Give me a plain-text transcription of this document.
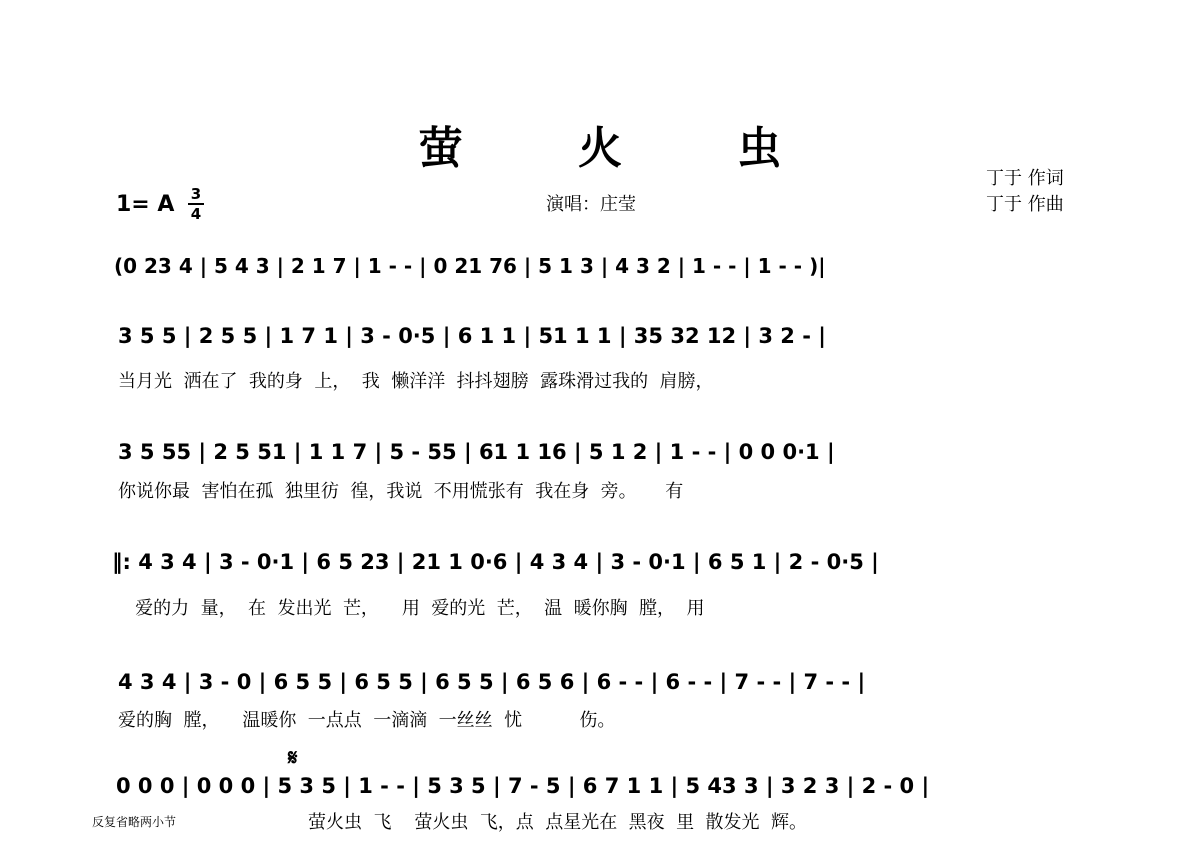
萤 火 虫
1= A 3
4	演唱：庄莹
丁于 作词
丁于 作曲
𝄋
(0 23 4 | 5 4 3 | 2 1 7 | 1 - - | 0 21 76 | 5 1 3 | 4 3 2 | 1 - - | 1 - - )|
3 5 5 | 2 5 5 | 1 7 1 | 3 - 0·5 | 6 1 1 | 51 1 1 | 35 32 12 | 3 2 - |
当月光  洒在了  我的身  上，  我  懒洋洋  抖抖翅膀  露珠滑过我的  肩膀，
3 5 55 | 2 5 51 | 1 1 7 | 5 - 55 | 61 1 16 | 5 1 2 | 1 - - | 0 0 0·1 |
你说你最  害怕在孤  独里彷  徨，我说  不用慌张有  我在身  旁。     有
‖: 4 3 4 | 3 - 0·1 | 6 5 23 | 21 1 0·6 | 4 3 4 | 3 - 0·1 | 6 5 1 | 2 - 0·5 |
爱的力  量，  在  发出光  芒，    用  爱的光  芒，  温  暖你胸  膛，  用
4 3 4 | 3 - 0 | 6 5 5 | 6 5 5 | 6 5 5 | 6 5 6 | 6 - - | 6 - - | 7 - - | 7 - - |
爱的胸  膛，    温暖你  一点点  一滴滴  一丝丝  忧          伤。
0 0 0 | 0 0 0 | 5 3 5 | 1 - - | 5 3 5 | 7 - 5 | 6 7 1 1 | 5 43 3 | 3 2 3 | 2 - 0 |
萤火虫  飞    萤火虫  飞，点  点星光在  黑夜  里  散发光  辉。
反复省略两小节
